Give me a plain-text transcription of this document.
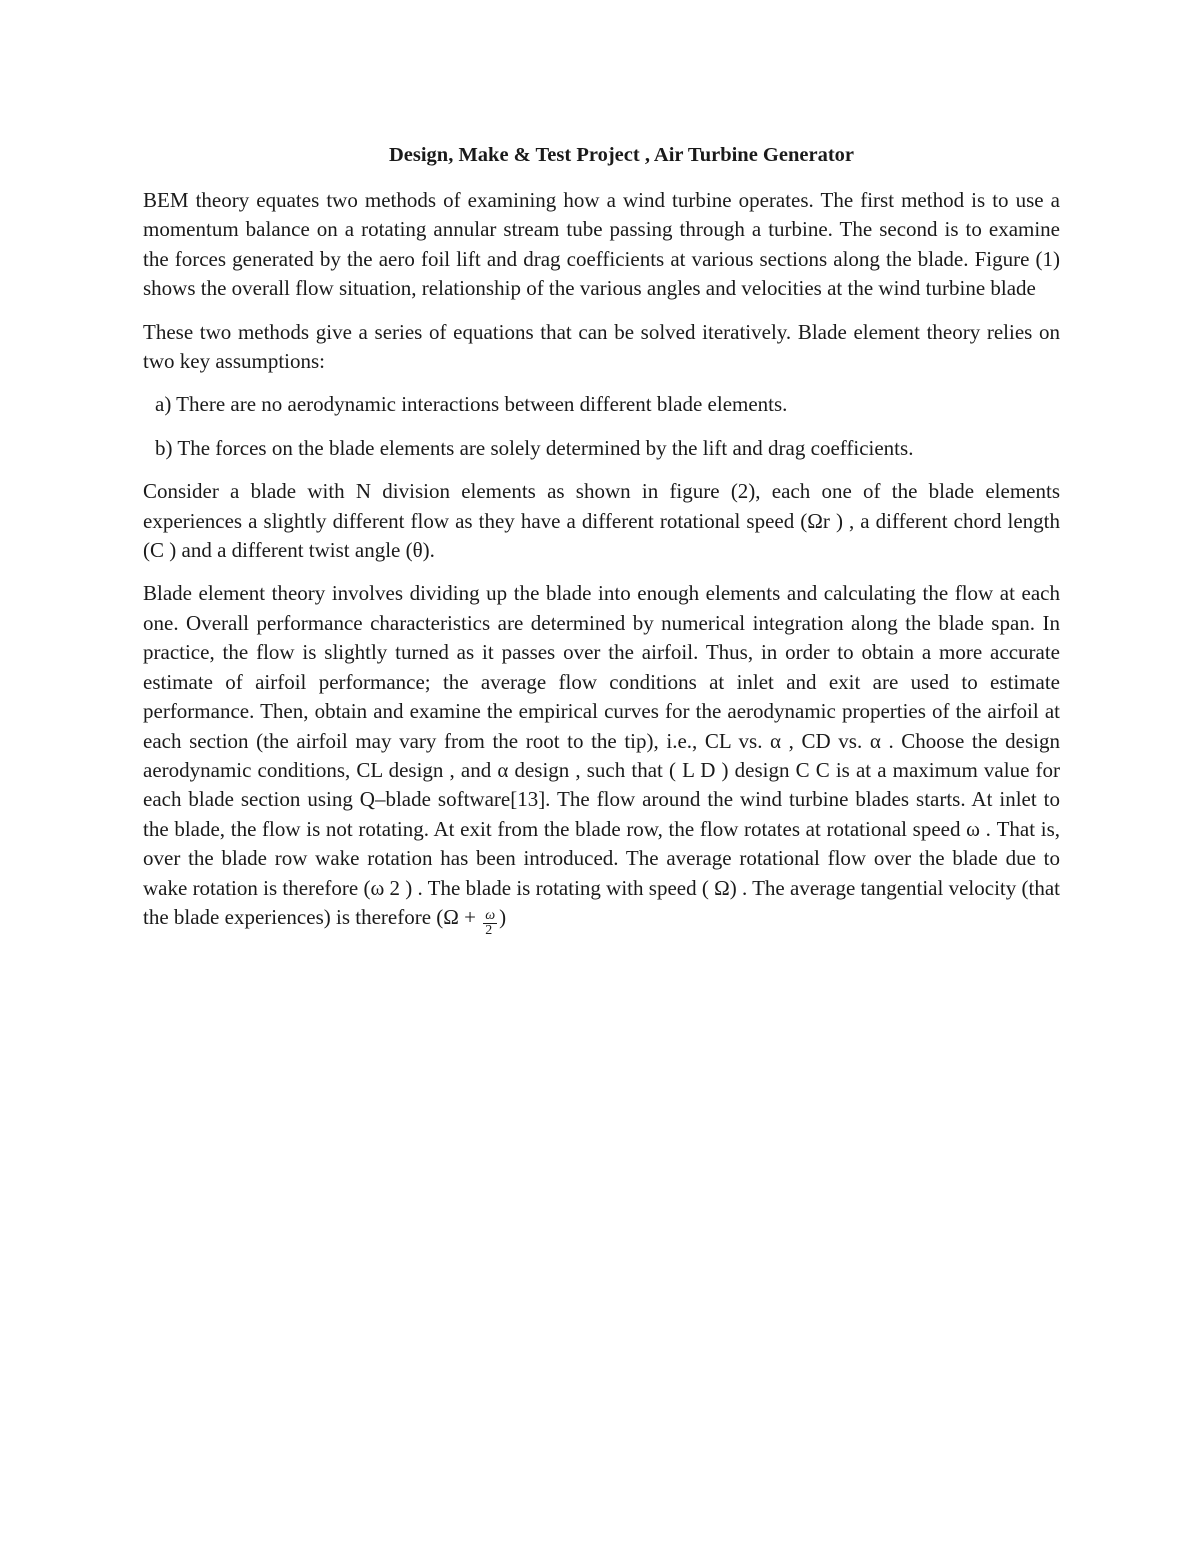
Design, Make & Test Project , Air Turbine Generator

BEM theory equates two methods of examining how a wind turbine operates. The first method is to use a momentum balance on a rotating annular stream tube passing through a turbine. The second is to examine the forces generated by the aero foil lift and drag coefficients at various sections along the blade. Figure (1) shows the overall flow situation, relationship of the various angles and velocities at the wind turbine blade

These two methods give a series of equations that can be solved iteratively. Blade element theory relies on two key assumptions:

a) There are no aerodynamic interactions between different blade elements.

b) The forces on the blade elements are solely determined by the lift and drag coefficients.

Consider a blade with N division elements as shown in figure (2), each one of the blade elements experiences a slightly different flow as they have a different rotational speed (Ωr ) , a different chord length (C ) and a different twist angle (θ).

Blade element theory involves dividing up the blade into enough elements and calculating the flow at each one. Overall performance characteristics are determined by numerical integration along the blade span. In practice, the flow is slightly turned as it passes over the airfoil. Thus, in order to obtain a more accurate estimate of airfoil performance; the average flow conditions at inlet and exit are used to estimate performance. Then, obtain and examine the empirical curves for the aerodynamic properties of the airfoil at each section (the airfoil may vary from the root to the tip), i.e., CL vs. α , CD vs. α . Choose the design aerodynamic conditions, CL design , and α design , such that ( L D ) design C C is at a maximum value for each blade section using Q–blade software[13]. The flow around the wind turbine blades starts. At inlet to the blade, the flow is not rotating. At exit from the blade row, the flow rotates at rotational speed ω . That is, over the blade row wake rotation has been introduced. The average rotational flow over the blade due to wake rotation is therefore (ω 2 ) . The blade is rotating with speed ( Ω) . The average tangential velocity (that the blade experiences) is therefore ($\Omega + \frac{\omega}{2}$ )
